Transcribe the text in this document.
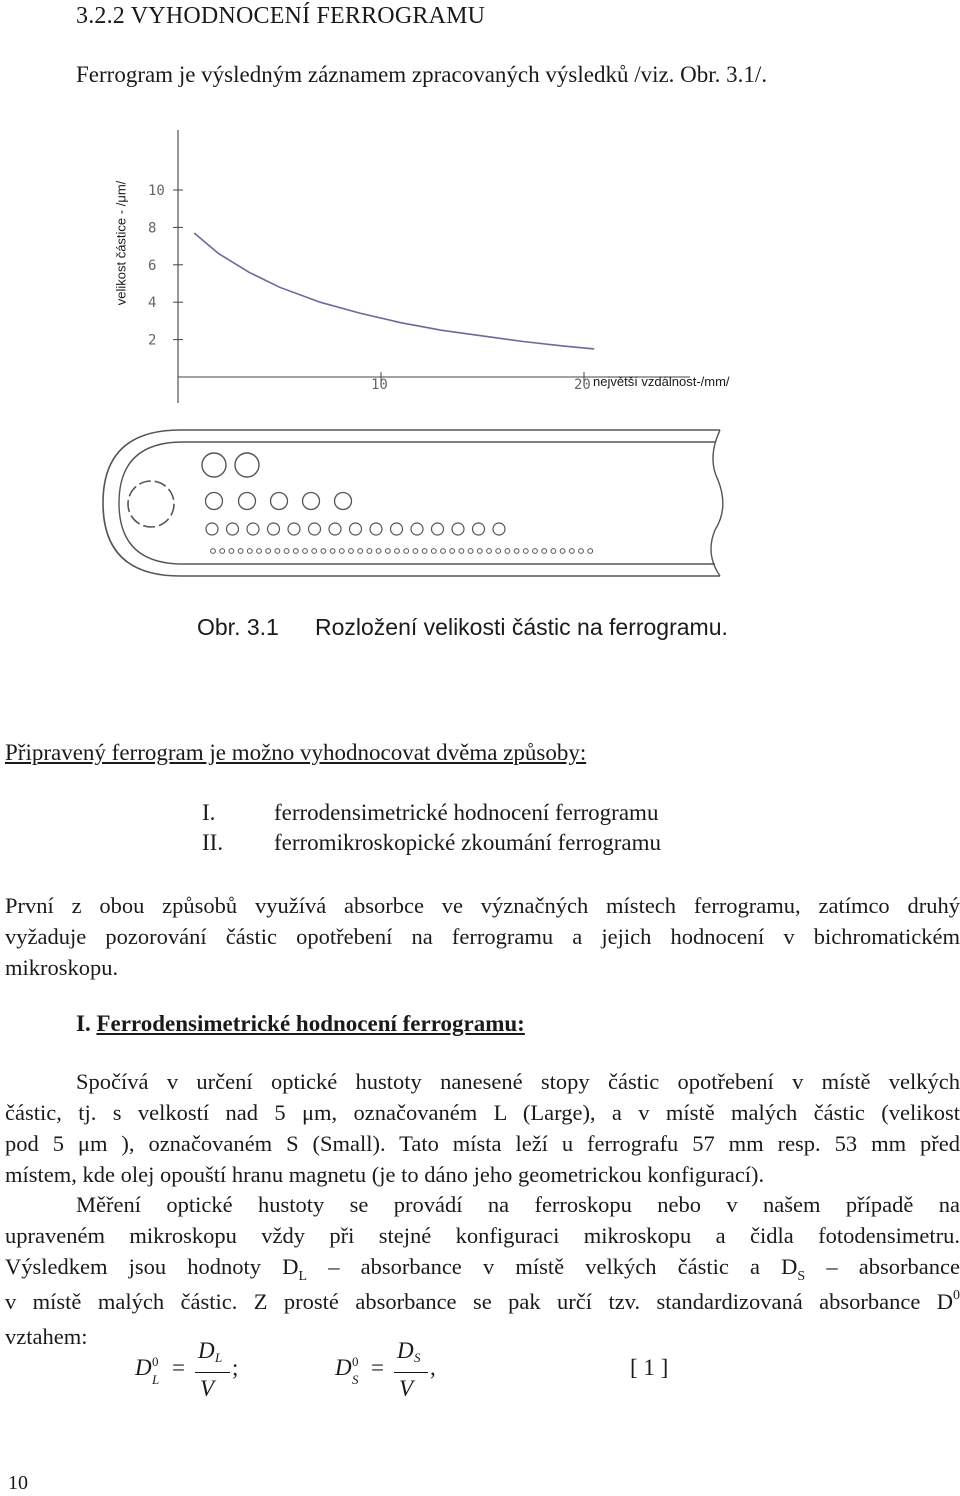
3.2.2 VYHODNOCENÍ FERROGRAMU
Ferrogram je výsledným záznamem zpracovaných výsledků /viz. Obr. 3.1/.
10
8
6
4
2
10	20
velikost částice - /μm/
největší vzdálnost-/mm/
Obr. 3.1 Rozložení velikosti částic na ferrogramu.
Připravený ferrogram je možno vyhodnocovat dvěma způsoby:
I.	ferrodensimetrické hodnocení ferrogramu
II. ferromikroskopické zkoumání ferrogramu
První z obou způsobů využívá absorbce ve význačných místech ferrogramu, zatímco druhý
vyžaduje pozorování částic opotřebení na ferrogramu a jejich hodnocení v bichromatickém
mikroskopu.
I. Ferrodensimetrické hodnocení ferrogramu:
Spočívá v určení optické hustoty nanesené stopy částic opotřebení v místě velkých
částic, tj. s velkostí nad 5 μm, označovaném L (Large), a v místě malých částic (velikost
pod 5 μm ), označovaném S (Small). Tato místa leží u ferrografu 57 mm resp. 53 mm před
místem, kde olej opouští hranu magnetu (je to dáno jeho geometrickou konfigurací).
Měření optické hustoty se provádí na ferroskopu nebo v našem případě na
upraveném mikroskopu vždy při stejné konfiguraci mikroskopu a čidla fotodensimetru.
Výsledkem jsou hodnoty $D_L$ – absorbance v místě velkých částic a $D_S$ – absorbance
v místě malých částic. Z prosté absorbance se pak určí tzv. standardizovaná absorbance $D^0$
vztahem:
D 0
L =
D L
V
;	D 0
S =
D S
V
,	[ 1 ]
10
